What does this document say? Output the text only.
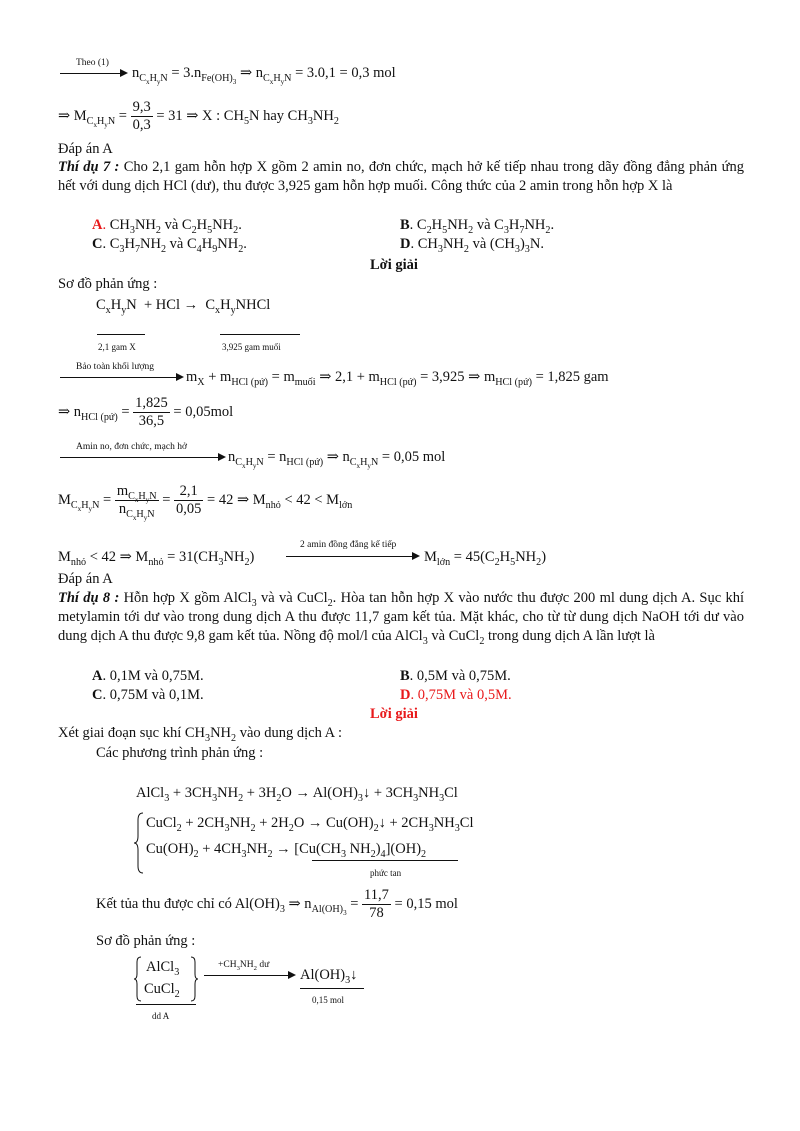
Theo (1)
$n_{C_xH_yN} = 3.n_{Fe(OH)_3}$ ⇒ $n_{C_xH_yN} = 3.0,1 = 0,3$ mol
⇒ $M_{C_xH_yN} = \frac{9,3}{0,3} = 31$ ⇒ X : $CH_5N$ hay $CH_3NH_2$
Đáp án A
Thí dụ 7 : Cho 2,1 gam hỗn hợp X gồm 2 amin no, đơn chức, mạch hở kế tiếp nhau trong dãy đồng đẳng phản ứng hết với dung dịch HCl (dư), thu được 3,925 gam hỗn hợp muối. Công thức của 2 amin trong hỗn hợp X là
A. $CH_3NH_2$ và $C_2H_5NH_2$.	B. $C_2H_5NH_2$ và $C_3H_7NH_2$.
C. $C_3H_7NH_2$ và $C_4H_9NH_2$.	D. $CH_3NH_2$ và $(CH_3)_3N$.
Lời giải
Sơ đồ phản ứng :
$C_xH_yN$  + HCl →  $C_xH_yNHCl$
2,1 gam X	3,925 gam muối
Bảo toàn khối lượng
$m_X + m_{HCl (pứ)} = m_{muối}$ ⇒ $2,1 + m_{HCl (pứ)} = 3,925$ ⇒ $m_{HCl (pứ)} = 1,825$ gam
⇒ $n_{HCl (pứ)} = \frac{1,825}{36,5} = 0,05mol$
Amin no, đơn chức, mạch hở
$n_{C_xH_yN} = n_{HCl (pứ)}$ ⇒ $n_{C_xH_yN} = 0,05$ mol
$M_{C_xH_yN} = \frac{m_{C_xH_yN}}{n_{C_xH_yN}} = \frac{2,1}{0,05} = 42$ ⇒ $M_{nhỏ} < 42 < M_{lớn}$
$M_{nhỏ} < 42$ ⇒ $M_{nhỏ} = 31(CH_3NH_2)$
2 amin đồng đẳng kế tiếp
$M_{lớn} = 45(C_2H_5NH_2)$
Đáp án A
Thí dụ 8 : Hỗn hợp X gồm AlCl$_3$ và và CuCl$_2$. Hòa tan hỗn hợp X vào nước thu được 200 ml dung dịch A. Sục khí metylamin tới dư vào trong dung dịch A thu được 11,7 gam kết tủa. Mặt khác, cho từ từ dung dịch NaOH tới dư vào dung dịch A thu được 9,8 gam kết tủa. Nồng độ mol/l của AlCl$_3$ và CuCl$_2$ trong dung dịch A lần lượt là
A. 0,1M và 0,75M.	B. 0,5M và 0,75M.
C. 0,75M và 0,1M.	D. 0,75M và 0,5M.
Lời giải
Xét giai đoạn sục khí $CH_3NH_2$ vào dung dịch A :
Các phương trình phản ứng :
AlCl$_3$ + $3CH_3NH_2 + 3H_2O$ → $Al(OH)_3↓ + 3CH_3NH_3Cl$
CuCl$_2$ + $2CH_3NH_2 + 2H_2O$ → $Cu(OH)_2↓ + 2CH_3NH_3Cl$
$Cu(OH)_2 + 4CH_3NH_2 \to [Cu(CH_3$ $NH_2)_4](OH)_2$
phức tan
Kết tủa thu được chỉ có $Al(OH)_3$ ⇒ $n_{Al(OH)_3} = \frac{11,7}{78} = 0,15$ mol
Sơ đồ phản ứng :
AlCl$_3$
CuCl$_2$
dd A
$+CH_3NH_2$ dư
$Al(OH)_3↓$
0,15 mol
